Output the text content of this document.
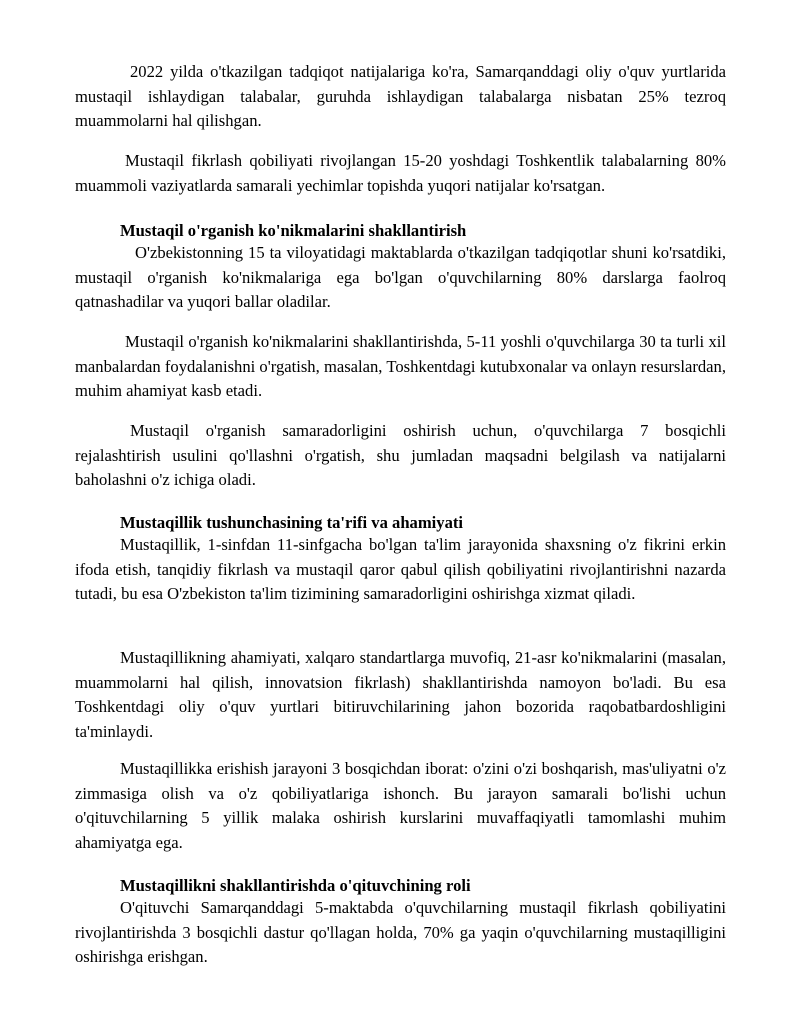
2022 yilda o'tkazilgan tadqiqot natijalariga ko'ra, Samarqanddagi oliy o'quv yurtlarida mustaqil ishlaydigan talabalar, guruhda ishlaydigan talabalarga nisbatan 25% tezroq muammolarni hal qilishgan.

Mustaqil fikrlash qobiliyati rivojlangan 15-20 yoshdagi Toshkentlik talabalarning 80% muammoli vaziyatlarda samarali yechimlar topishda yuqori natijalar ko'rsatgan.

Mustaqil o'rganish ko'nikmalarini shakllantirish

O'zbekistonning 15 ta viloyatidagi maktablarda o'tkazilgan tadqiqotlar shuni ko'rsatdiki, mustaqil o'rganish ko'nikmalariga ega bo'lgan o'quvchilarning 80% darslarga faolroq qatnashadilar va yuqori ballar oladilar.

Mustaqil o'rganish ko'nikmalarini shakllantirishda, 5-11 yoshli o'quvchilarga 30 ta turli xil manbalardan foydalanishni o'rgatish, masalan, Toshkentdagi kutubxonalar va onlayn resurslardan, muhim ahamiyat kasb etadi.

Mustaqil o'rganish samaradorligini oshirish uchun, o'quvchilarga 7 bosqichli rejalashtirish usulini qo'llashni o'rgatish, shu jumladan maqsadni belgilash va natijalarni baholashni o'z ichiga oladi.

Mustaqillik tushunchasining ta'rifi va ahamiyati

Mustaqillik, 1-sinfdan 11-sinfgacha bo'lgan ta'lim jarayonida shaxsning o'z fikrini erkin ifoda etish, tanqidiy fikrlash va mustaqil qaror qabul qilish qobiliyatini rivojlantirishni nazarda tutadi, bu esa O'zbekiston ta'lim tizimining samaradorligini oshirishga xizmat qiladi.

Mustaqillikning ahamiyati, xalqaro standartlarga muvofiq, 21-asr ko'nikmalarini (masalan, muammolarni hal qilish, innovatsion fikrlash) shakllantirishda namoyon bo'ladi. Bu esa Toshkentdagi oliy o'quv yurtlari bitiruvchilarining jahon bozorida raqobatbardoshligini ta'minlaydi.

Mustaqillikka erishish jarayoni 3 bosqichdan iborat: o'zini o'zi boshqarish, mas'uliyatni o'z zimmasiga olish va o'z qobiliyatlariga ishonch. Bu jarayon samarali bo'lishi uchun o'qituvchilarning 5 yillik malaka oshirish kurslarini muvaffaqiyatli tamomlashi muhim ahamiyatga ega.

Mustaqillikni shakllantirishda o'qituvchining roli

O'qituvchi Samarqanddagi 5-maktabda o'quvchilarning mustaqil fikrlash qobiliyatini rivojlantirishda 3 bosqichli dastur qo'llagan holda, 70% ga yaqin o'quvchilarning mustaqilligini oshirishga erishgan.
